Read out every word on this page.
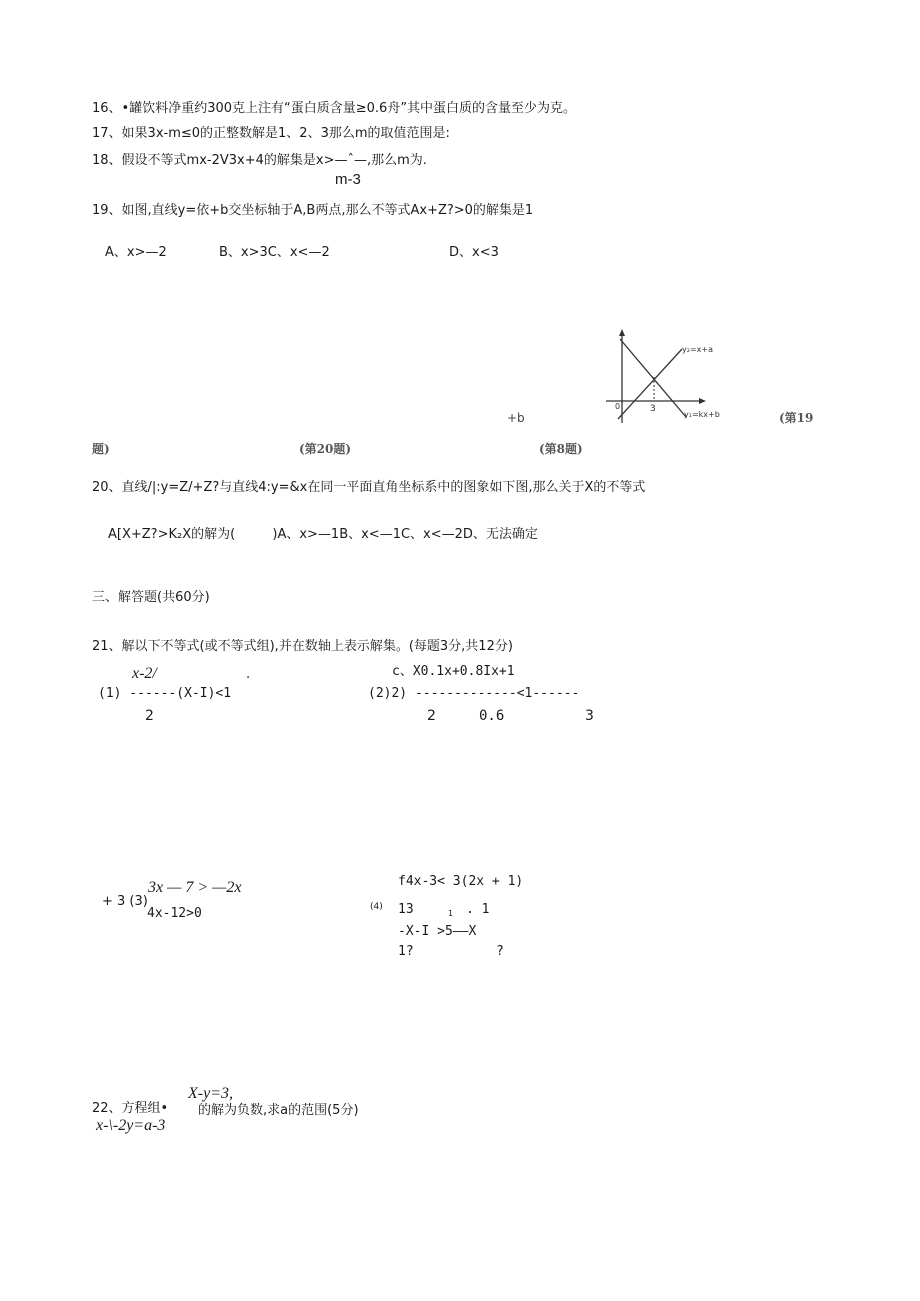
16、•罐饮料净重约300克上注有“蛋白质含量≥0.6舟”其中蛋白质的含量至少为克。
17、如果3x-m≤0的正整数解是1、2、3那么m的取值范围是:
18、假设不等式mx-2V3x+4的解集是x>—ˆ—,那么m为.
m-3
19、如图,直线y=依+b交坐标轴于A,B两点,那么不等式Ax+Z?>0的解集是1
A、x>—2	B、x>3C、x<—2	D、x<3
3
0
y₂=x+a
y₁=kx+b
+b	(第19
题)	(第20题)	(第8题)
20、直线/|:y=Z/+Z?与直线4:y=&x在同一平面直角坐标系中的图象如下图,那么关于X的不等式
A[X+Z?>K₂X的解为(         )A、x>—1B、x<—1C、x<—2D、无法确定
三、解答题(共60分)
21、解以下不等式(或不等式组),并在数轴上表示解集。(每题3分,共12分)
x-2/	.
(1) ------(X-I)<1
2
c、X0.1x+0.8Ix+1
(2)2) -------------<1------
2	0.6	3
3x — 7 > —2x
+ 3 (3)
4x-12>0
f4x-3< 3(2x + 1)
(4) 13	1 . 1
-X-I >5——X
1?	?
X-y=3,
22、方程组• 的解为负数,求a的范围(5分)
x-\-2y=a-3
